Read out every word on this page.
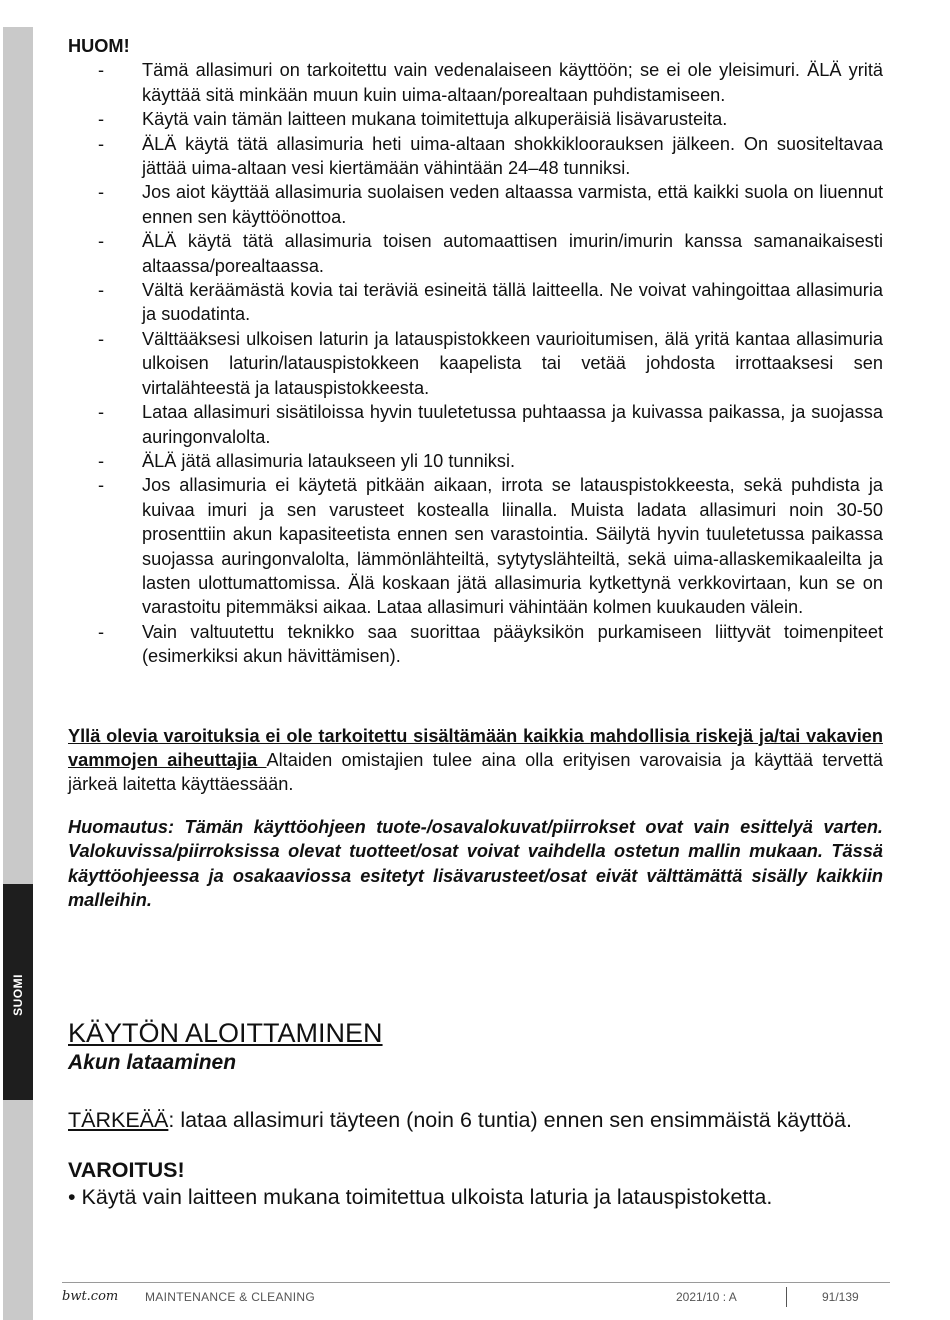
SUOMI

HUOM!

- Tämä allasimuri on tarkoitettu vain vedenalaiseen käyttöön; se ei ole yleisimuri. ÄLÄ yritä käyttää sitä minkään muun kuin uima-altaan/porealtaan puhdistamiseen.
- Käytä vain tämän laitteen mukana toimitettuja alkuperäisiä lisävarusteita.
- ÄLÄ käytä tätä allasimuria heti uima-altaan shokkikloorauksen jälkeen. On suositeltavaa jättää uima-altaan vesi kiertämään vähintään 24–48 tunniksi.
- Jos aiot käyttää allasimuria suolaisen veden altaassa varmista, että kaikki suola on liuennut ennen sen käyttöönottoa.
- ÄLÄ käytä tätä allasimuria toisen automaattisen imurin/imurin kanssa samanaikaisesti altaassa/porealtaassa.
- Vältä keräämästä kovia tai teräviä esineitä tällä laitteella. Ne voivat vahingoittaa allasimuria ja suodatinta.
- Välttääksesi ulkoisen laturin ja latauspistokkeen vaurioitumisen, älä yritä kantaa allasimuria ulkoisen laturin/latauspistokkeen kaapelista tai vetää johdosta irrottaaksesi sen virtalähteestä ja latauspistokkeesta.
- Lataa allasimuri sisätiloissa hyvin tuuletetussa puhtaassa ja kuivassa paikassa, ja suojassa auringonvalolta.
- ÄLÄ jätä allasimuria lataukseen yli 10 tunniksi.
- Jos allasimuria ei käytetä pitkään aikaan, irrota se latauspistokkeesta, sekä puhdista ja kuivaa imuri ja sen varusteet kostealla liinalla. Muista ladata allasimuri noin 30-50 prosenttiin akun kapasiteetista ennen sen varastointia. Säilytä hyvin tuuletetussa paikassa suojassa auringonvalolta, lämmönlähteiltä, sytytyslähteiltä, sekä uima-allaskemikaaleilta ja lasten ulottumattomissa. Älä koskaan jätä allasimuria kytkettynä verkkovirtaan, kun se on varastoitu pitemmäksi aikaa. Lataa allasimuri vähintään kolmen kuukauden välein.
- Vain valtuutettu teknikko saa suorittaa pääyksikön purkamiseen liittyvät toimenpiteet (esimerkiksi akun hävittämisen).

Yllä olevia varoituksia ei ole tarkoitettu sisältämään kaikkia mahdollisia riskejä ja/tai vakavien vammojen aiheuttajia Altaiden omistajien tulee aina olla erityisen varovaisia ja käyttää tervettä järkeä laitetta käyttäessään.

Huomautus: Tämän käyttöohjeen tuote-/osavalokuvat/piirrokset ovat vain esittelyä varten. Valokuvissa/piirroksissa olevat tuotteet/osat voivat vaihdella ostetun mallin mukaan. Tässä käyttöohjeessa ja osakaaviossa esitetyt lisävarusteet/osat eivät välttämättä sisälly kaikkiin malleihin.

KÄYTÖN ALOITTAMINEN
Akun lataaminen

TÄRKEÄÄ: lataa allasimuri täyteen (noin 6 tuntia) ennen sen ensimmäistä käyttöä.

VAROITUS!
• Käytä vain laitteen mukana toimitettua ulkoista laturia ja latauspistoketta.
bwt.com MAINTENANCE & CLEANING	2021/10 : A	91/139
